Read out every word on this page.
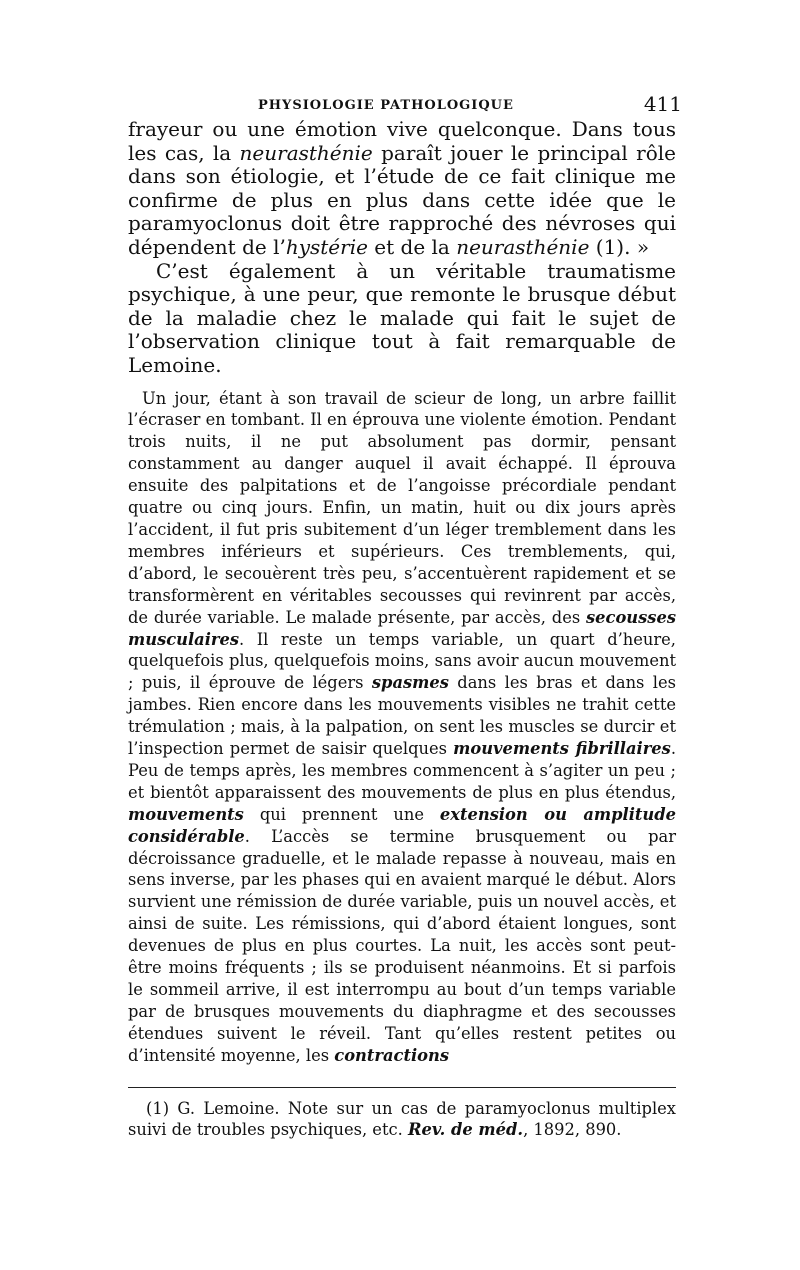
PHYSIOLOGIE PATHOLOGIQUE	411

frayeur ou une émotion vive quelconque. Dans tous les cas, la neurasthénie paraît jouer le principal rôle dans son étiologie, et l’étude de ce fait clinique me confirme de plus en plus dans cette idée que le paramyoclonus doit être rapproché des névroses qui dépendent de l’hystérie et de la neurasthénie (1). »

C’est également à un véritable traumatisme psychique, à une peur, que remonte le brusque début de la maladie chez le malade qui fait le sujet de l’observation clinique tout à fait remarquable de Lemoine.

Un jour, étant à son travail de scieur de long, un arbre faillit l’écraser en tombant. Il en éprouva une violente émotion. Pendant trois nuits, il ne put absolument pas dormir, pensant constamment au danger auquel il avait échappé. Il éprouva ensuite des palpitations et de l’angoisse précordiale pendant quatre ou cinq jours. Enfin, un matin, huit ou dix jours après l’accident, il fut pris subitement d’un léger tremblement dans les membres inférieurs et supérieurs. Ces tremblements, qui, d’abord, le secouèrent très peu, s’accentuèrent rapidement et se transformèrent en véritables secousses qui revinrent par accès, de durée variable. Le malade présente, par accès, des secousses musculaires. Il reste un temps variable, un quart d’heure, quelquefois plus, quelquefois moins, sans avoir aucun mouvement ; puis, il éprouve de légers spasmes dans les bras et dans les jambes. Rien encore dans les mouvements visibles ne trahit cette trémulation ; mais, à la palpation, on sent les muscles se durcir et l’inspection permet de saisir quelques mouvements fibrillaires. Peu de temps après, les membres commencent à s’agiter un peu ; et bientôt apparaissent des mouvements de plus en plus étendus, mouvements qui prennent une extension ou amplitude considérable. L’accès se termine brusquement ou par décroissance graduelle, et le malade repasse à nouveau, mais en sens inverse, par les phases qui en avaient marqué le début. Alors survient une rémission de durée variable, puis un nouvel accès, et ainsi de suite. Les rémissions, qui d’abord étaient longues, sont devenues de plus en plus courtes. La nuit, les accès sont peut-être moins fréquents ; ils se produisent néanmoins. Et si parfois le sommeil arrive, il est interrompu au bout d’un temps variable par de brusques mouvements du diaphragme et des secousses étendues suivent le réveil. Tant qu’elles restent petites ou d’intensité moyenne, les contractions

(1) G. Lemoine. Note sur un cas de paramyoclonus multiplex suivi de troubles psychiques, etc. Rev. de méd., 1892, 890.
